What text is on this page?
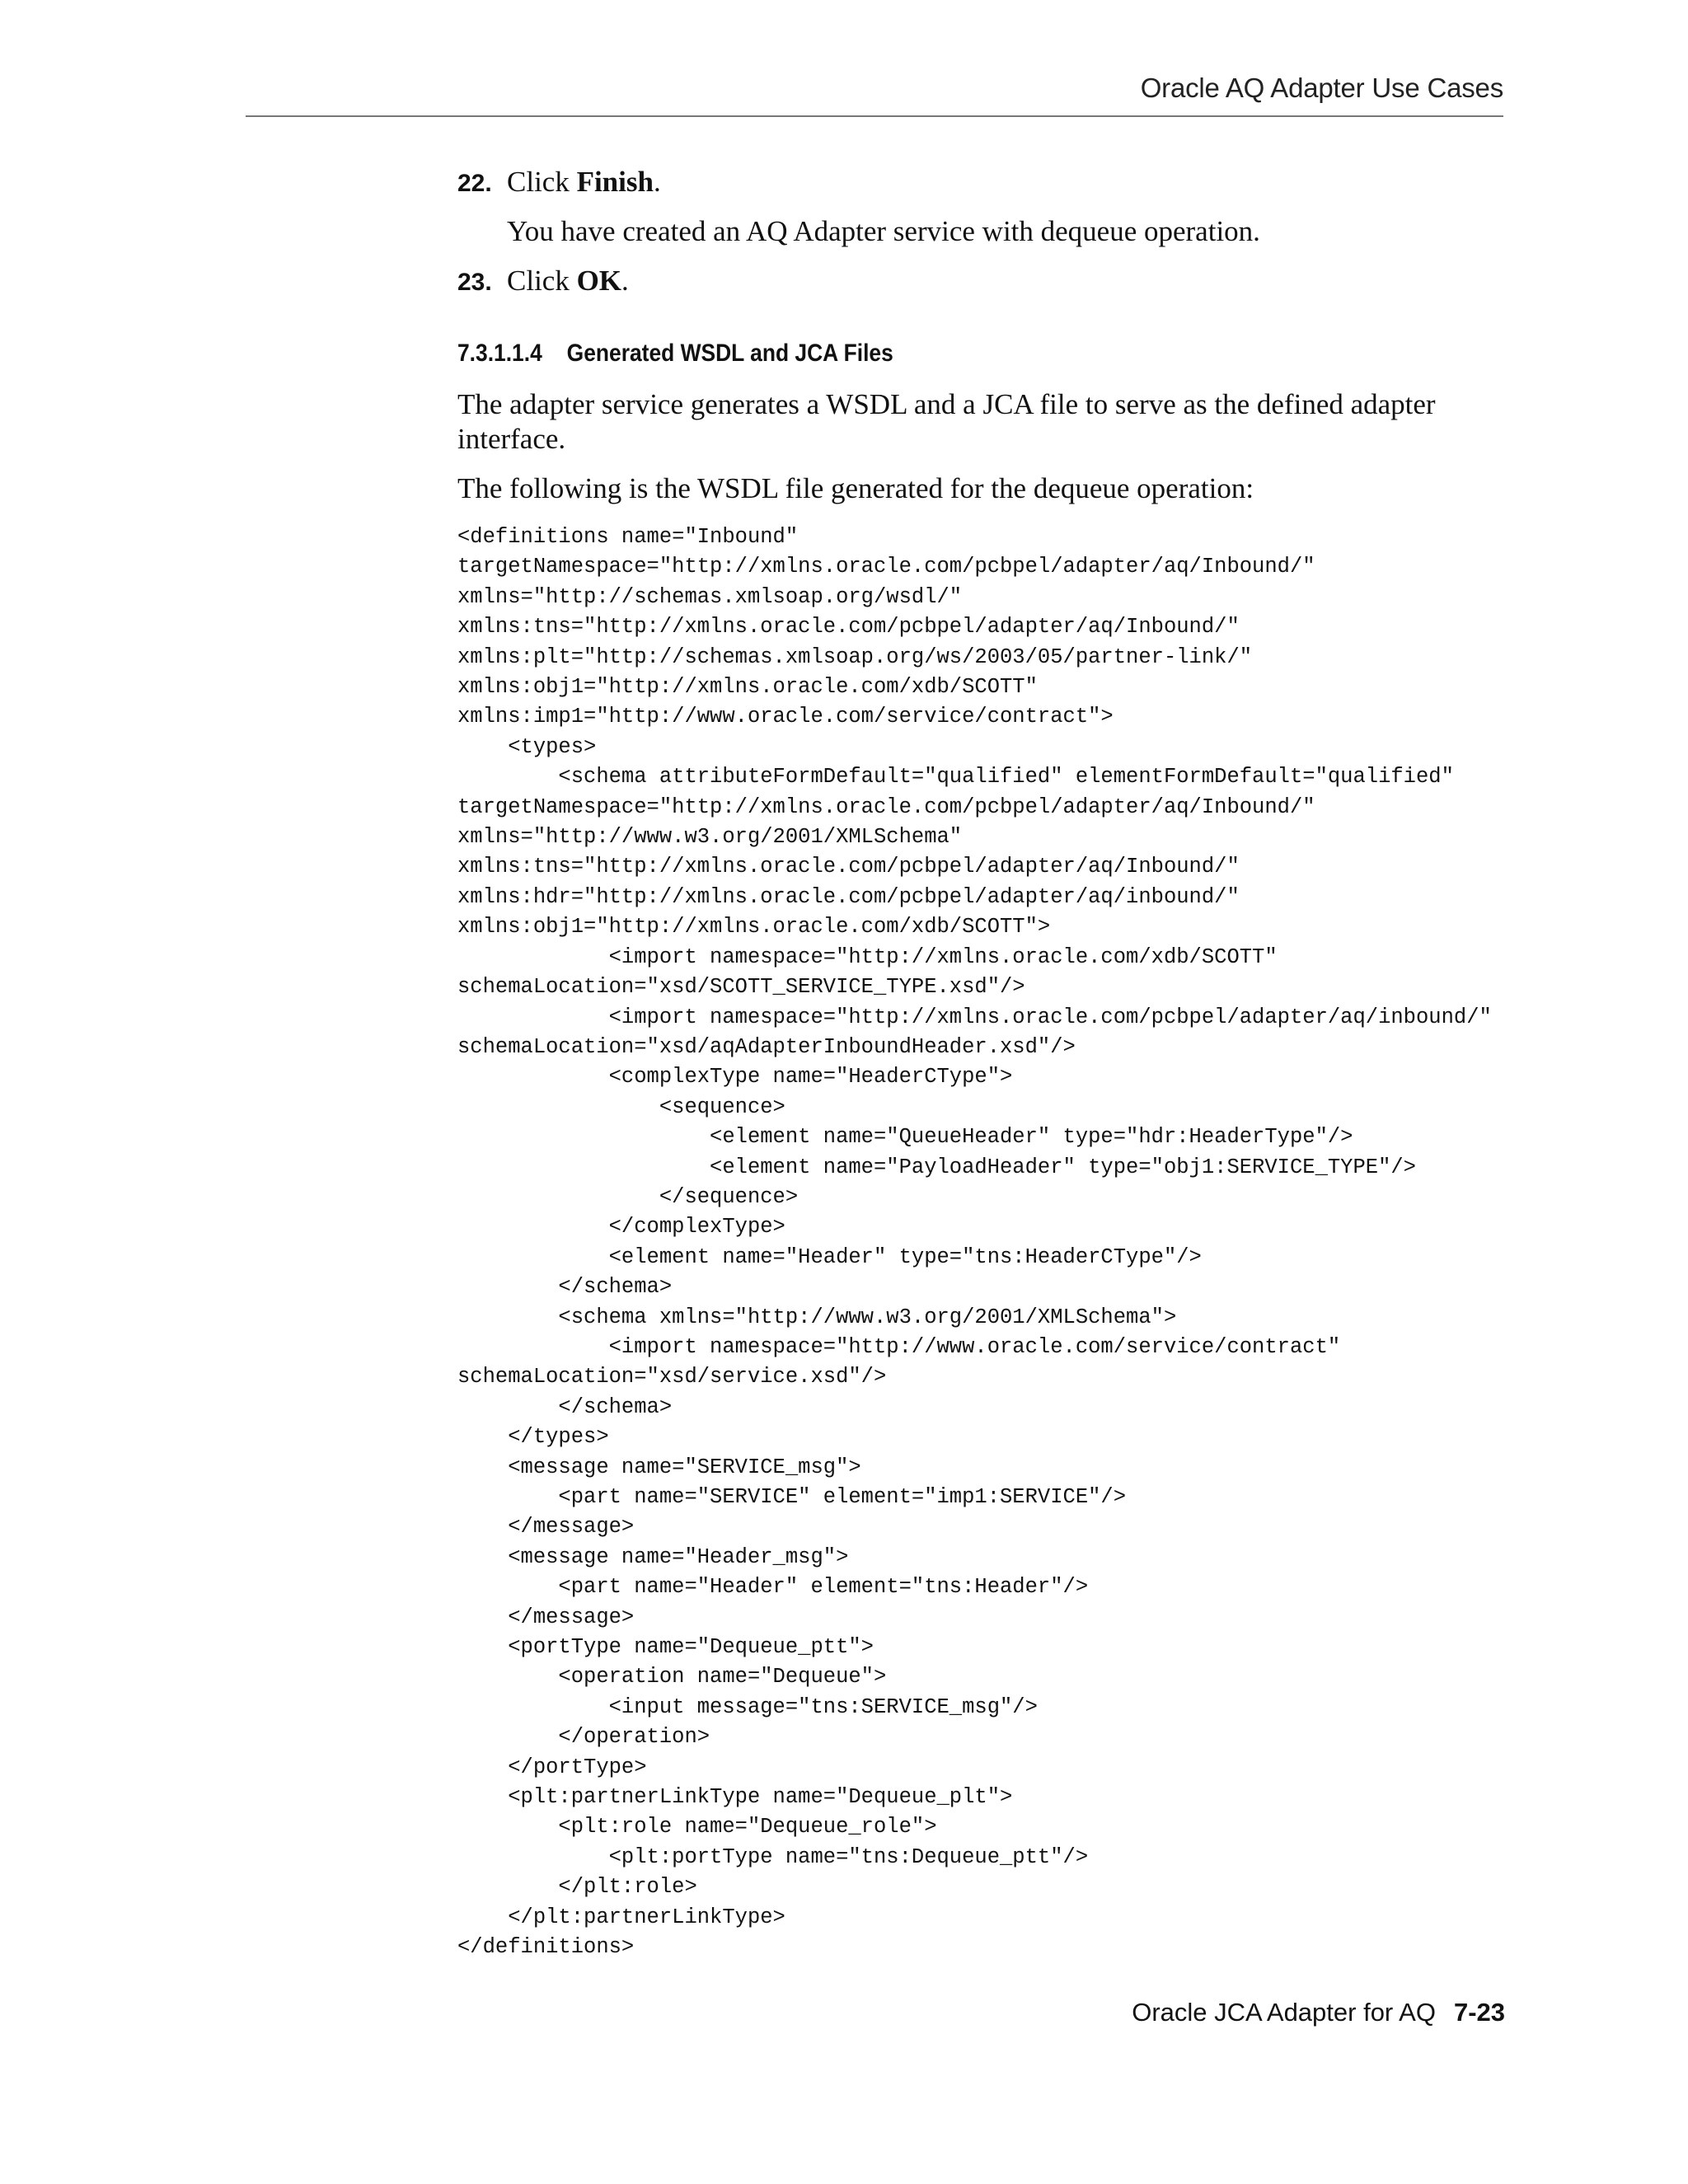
Oracle AQ Adapter Use Cases
22. Click Finish.
You have created an AQ Adapter service with dequeue operation.
23. Click OK.
7.3.1.1.4 Generated WSDL and JCA Files

The adapter service generates a WSDL and a JCA file to serve as the defined adapter interface.

The following is the WSDL file generated for the dequeue operation:

<definitions name="Inbound"
targetNamespace="http://xmlns.oracle.com/pcbpel/adapter/aq/Inbound/"
xmlns="http://schemas.xmlsoap.org/wsdl/"
xmlns:tns="http://xmlns.oracle.com/pcbpel/adapter/aq/Inbound/"
xmlns:plt="http://schemas.xmlsoap.org/ws/2003/05/partner-link/"
xmlns:obj1="http://xmlns.oracle.com/xdb/SCOTT"
xmlns:imp1="http://www.oracle.com/service/contract">
<types>
<schema attributeFormDefault="qualified" elementFormDefault="qualified"
targetNamespace="http://xmlns.oracle.com/pcbpel/adapter/aq/Inbound/"
xmlns="http://www.w3.org/2001/XMLSchema"
xmlns:tns="http://xmlns.oracle.com/pcbpel/adapter/aq/Inbound/"
xmlns:hdr="http://xmlns.oracle.com/pcbpel/adapter/aq/inbound/"
xmlns:obj1="http://xmlns.oracle.com/xdb/SCOTT">
<import namespace="http://xmlns.oracle.com/xdb/SCOTT"
schemaLocation="xsd/SCOTT_SERVICE_TYPE.xsd"/>
<import namespace="http://xmlns.oracle.com/pcbpel/adapter/aq/inbound/"
schemaLocation="xsd/aqAdapterInboundHeader.xsd"/>
<complexType name="HeaderCType">
<sequence>
<element name="QueueHeader" type="hdr:HeaderType"/>
<element name="PayloadHeader" type="obj1:SERVICE_TYPE"/>
</sequence>
</complexType>
<element name="Header" type="tns:HeaderCType"/>
</schema>
<schema xmlns="http://www.w3.org/2001/XMLSchema">
<import namespace="http://www.oracle.com/service/contract"
schemaLocation="xsd/service.xsd"/>
</schema>
</types>
<message name="SERVICE_msg">
<part name="SERVICE" element="imp1:SERVICE"/>
</message>
<message name="Header_msg">
<part name="Header" element="tns:Header"/>
</message>
<portType name="Dequeue_ptt">
<operation name="Dequeue">
<input message="tns:SERVICE_msg"/>
</operation>
</portType>
<plt:partnerLinkType name="Dequeue_plt">
<plt:role name="Dequeue_role">
<plt:portType name="tns:Dequeue_ptt"/>
</plt:role>
</plt:partnerLinkType>
</definitions>
Oracle JCA Adapter for AQ 7-23
